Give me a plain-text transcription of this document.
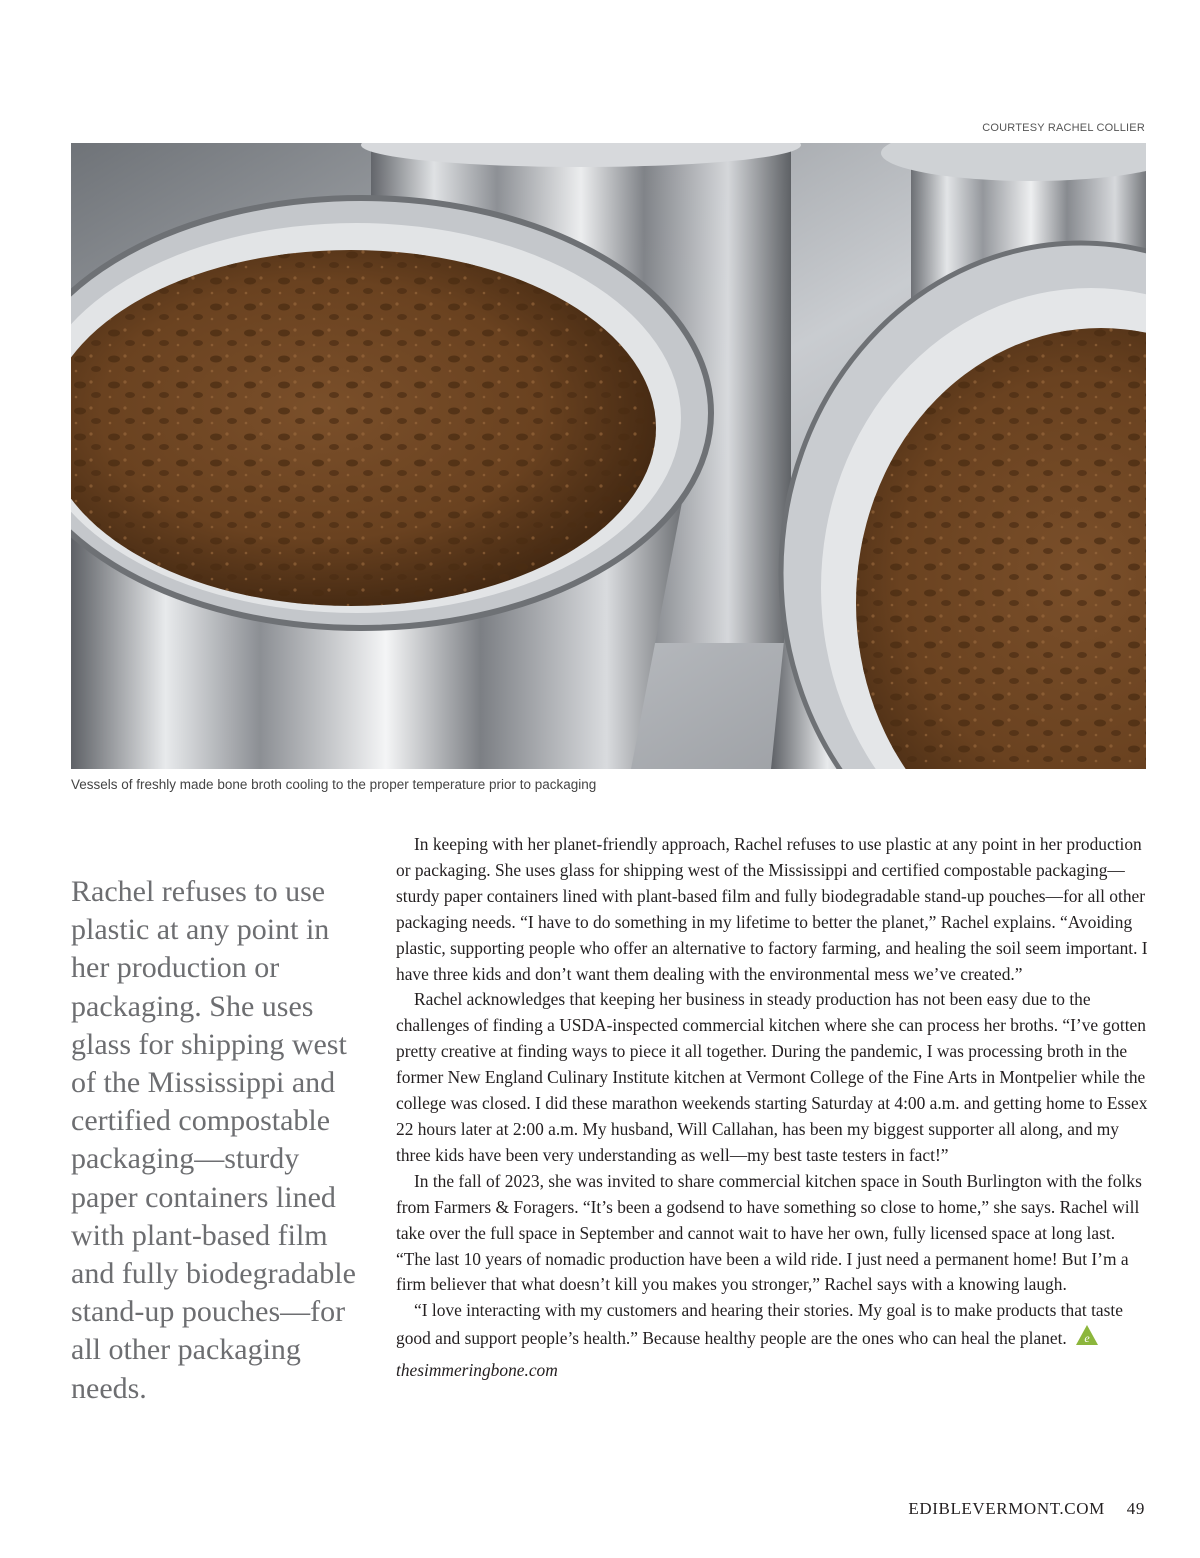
COURTESY RACHEL COLLIER
Vessels of freshly made bone broth cooling to the proper temperature prior to packaging
Rachel refuses to use plastic at any point in her production or packaging. She uses glass for shipping west of the Mississippi and certified compostable packaging—sturdy paper containers lined with plant-based film and fully biodegradable stand-up pouches—for all other packaging needs.

In keeping with her planet-friendly approach, Rachel refuses to use plastic at any point in her production or packaging. She uses glass for shipping west of the Mississippi and certified compostable packaging—sturdy paper containers lined with plant-based film and fully biodegradable stand-up pouches—for all other packaging needs. “I have to do something in my lifetime to better the planet,” Rachel explains. “Avoiding plastic, supporting people who offer an alternative to factory farming, and healing the soil seem important. I have three kids and don’t want them dealing with the environmental mess we’ve created.”

Rachel acknowledges that keeping her business in steady production has not been easy due to the challenges of finding a USDA-inspected commercial kitchen where she can process her broths. “I’ve gotten pretty creative at finding ways to piece it all together. During the pandemic, I was processing broth in the former New England Culinary Institute kitchen at Vermont College of the Fine Arts in Montpelier while the college was closed. I did these marathon weekends starting Saturday at 4:00 a.m. and getting home to Essex 22 hours later at 2:00 a.m. My husband, Will Callahan, has been my biggest supporter all along, and my three kids have been very understanding as well—my best taste testers in fact!”

In the fall of 2023, she was invited to share commercial kitchen space in South Burlington with the folks from Farmers & Foragers. “It’s been a godsend to have something so close to home,” she says. Rachel will take over the full space in September and cannot wait to have her own, fully licensed space at long last. “The last 10 years of nomadic production have been a wild ride. I just need a permanent home! But I’m a firm believer that what doesn’t kill you makes you stronger,” Rachel says with a knowing laugh.

“I love interacting with my customers and hearing their stories. My goal is to make products that taste good and support people’s health.” Because healthy people are the ones who can heal the planet. e

thesimmeringbone.com
EDIBLEVERMONT.COM 49
